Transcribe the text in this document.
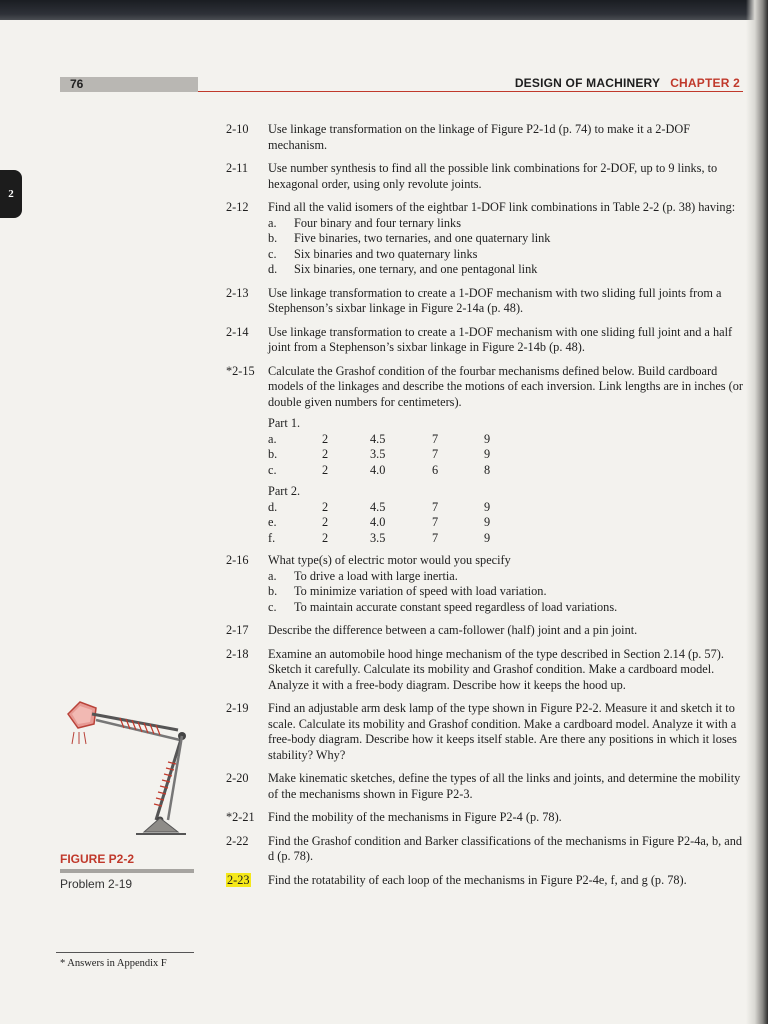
76	DESIGN OF MACHINERY CHAPTER 2
2
2-10	Use linkage transformation on the linkage of Figure P2-1d (p. 74) to make it a 2-DOF mechanism.
2-11	Use number synthesis to find all the possible link combinations for 2-DOF, up to 9 links, to hexagonal order, using only revolute joints.
2-12	Find all the valid isomers of the eightbar 1-DOF link combinations in Table 2-2 (p. 38) having:
a.	Four binary and four ternary links
b.	Five binaries, two ternaries, and one quaternary link
c.	Six binaries and two quaternary links
d.	Six binaries, one ternary, and one pentagonal link
2-13	Use linkage transformation to create a 1-DOF mechanism with two sliding full joints from a Stephenson’s sixbar linkage in Figure 2-14a (p. 48).
2-14	Use linkage transformation to create a 1-DOF mechanism with one sliding full joint and a half joint from a Stephenson’s sixbar linkage in Figure 2-14b (p. 48).
*2-15	Calculate the Grashof condition of the fourbar mechanisms defined below. Build cardboard models of the linkages and describe the motions of each inversion. Link lengths are in inches (or double given numbers for centimeters).
Part 1.
a.	2	4.5	7	9
b.	2	3.5	7	9
c.	2	4.0	6	8
Part 2.
d.	2	4.5	7	9
e.	2	4.0	7	9
f.	2	3.5	7	9
2-16	What type(s) of electric motor would you specify
a.	To drive a load with large inertia.
b.	To minimize variation of speed with load variation.
c.	To maintain accurate constant speed regardless of load variations.
2-17	Describe the difference between a cam-follower (half) joint and a pin joint.
2-18	Examine an automobile hood hinge mechanism of the type described in Section 2.14 (p. 57). Sketch it carefully. Calculate its mobility and Grashof condition. Make a cardboard model. Analyze it with a free-body diagram. Describe how it keeps the hood up.
2-19	Find an adjustable arm desk lamp of the type shown in Figure P2-2. Measure it and sketch it to scale. Calculate its mobility and Grashof condition. Make a cardboard model. Analyze it with a free-body diagram. Describe how it keeps itself stable. Are there any positions in which it loses stability? Why?
2-20	Make kinematic sketches, define the types of all the links and joints, and determine the mobility of the mechanisms shown in Figure P2-3.
*2-21	Find the mobility of the mechanisms in Figure P2-4 (p. 78).
2-22	Find the Grashof condition and Barker classifications of the mechanisms in Figure P2-4a, b, and d (p. 78).
2-23	Find the rotatability of each loop of the mechanisms in Figure P2-4e, f, and g (p. 78).
FIGURE P2-2
Problem 2-19
* Answers in Appendix F
